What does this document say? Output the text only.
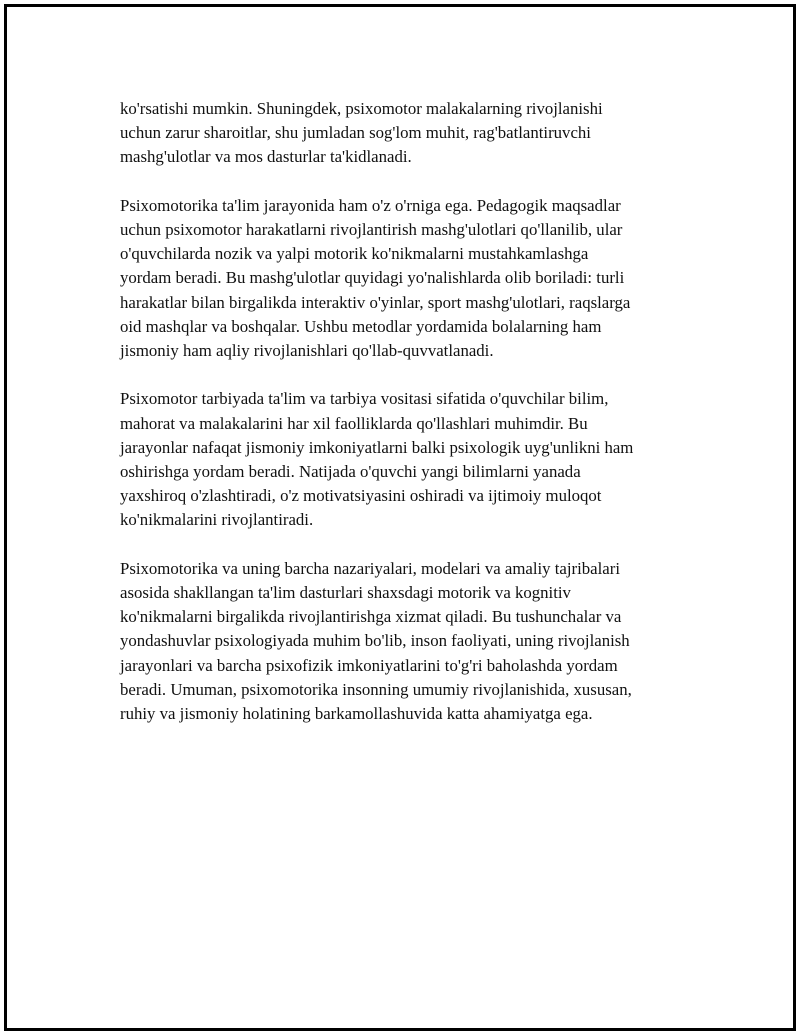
ko'rsatishi mumkin. Shuningdek, psixomotor malakalarning rivojlanishi
uchun zarur sharoitlar, shu jumladan sog'lom muhit, rag'batlantiruvchi
mashg'ulotlar va mos dasturlar ta'kidlanadi.

Psixomotorika ta'lim jarayonida ham o'z o'rniga ega. Pedagogik maqsadlar
uchun psixomotor harakatlarni rivojlantirish mashg'ulotlari qo'llanilib, ular
o'quvchilarda nozik va yalpi motorik ko'nikmalarni mustahkamlashga
yordam beradi. Bu mashg'ulotlar quyidagi yo'nalishlarda olib boriladi: turli
harakatlar bilan birgalikda interaktiv o'yinlar, sport mashg'ulotlari, raqslarga
oid mashqlar va boshqalar. Ushbu metodlar yordamida bolalarning ham
jismoniy ham aqliy rivojlanishlari qo'llab-quvvatlanadi.

Psixomotor tarbiyada ta'lim va tarbiya vositasi sifatida o'quvchilar bilim,
mahorat va malakalarini har xil faolliklarda qo'llashlari muhimdir. Bu
jarayonlar nafaqat jismoniy imkoniyatlarni balki psixologik uyg'unlikni ham
oshirishga yordam beradi. Natijada o'quvchi yangi bilimlarni yanada
yaxshiroq o'zlashtiradi, o'z motivatsiyasini oshiradi va ijtimoiy muloqot
ko'nikmalarini rivojlantiradi.

Psixomotorika va uning barcha nazariyalari, modelari va amaliy tajribalari
asosida shakllangan ta'lim dasturlari shaxsdagi motorik va kognitiv
ko'nikmalarni birgalikda rivojlantirishga xizmat qiladi. Bu tushunchalar va
yondashuvlar psixologiyada muhim bo'lib, inson faoliyati, uning rivojlanish
jarayonlari va barcha psixofizik imkoniyatlarini to'g'ri baholashda yordam
beradi. Umuman, psixomotorika insonning umumiy rivojlanishida, xususan,
ruhiy va jismoniy holatining barkamollashuvida katta ahamiyatga ega.
